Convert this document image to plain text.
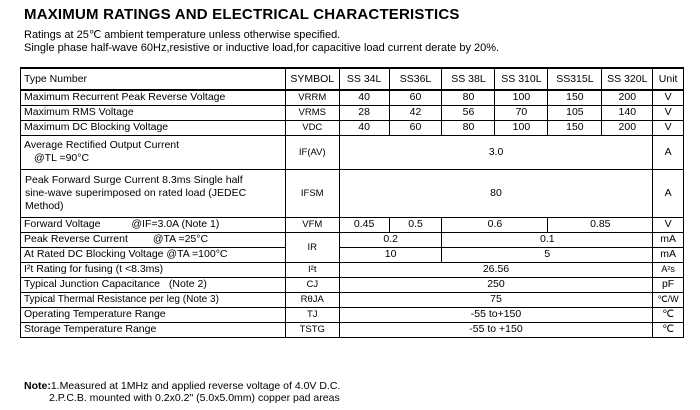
MAXIMUM RATINGS AND ELECTRICAL CHARACTERISTICS
Ratings at 25℃ ambient temperature unless otherwise specified.
Single phase half-wave 60Hz,resistive or inductive load,for capacitive load current derate by 20%.
Type Number	SYMBOL	SS 34L	SS36L	SS 38L	SS 310L	SS315L	SS 320L	Unit
Maximum Recurrent Peak Reverse Voltage	VRRM	40	60	80	100	150	200	V
Maximum RMS Voltage	VRMS	28	42	56	70	105	140	V
Maximum DC Blocking Voltage	VDC	40	60	80	100	150	200	V

Average Rectified Output Current
@TL =90°C	IF(AV)	3.0						A

Peak Forward Surge Current 8.3ms Single half
sine-wave superimposed on rated load (JEDEC
Method)	IFSM	80						A
Forward Voltage @IF=3.0A (Note 1)	VFM	0.45	0.5	0.6		0.85		V
Peak Reverse Current @TA =25°C	IR	0.2		0.1				mA
At Rated DC Blocking Voltage @TA =100°C		10		5				mA
I²t Rating for fusing (t <8.3ms)	I²t	26.56						A²s
Typical Junction Capacitance (Note 2)	CJ	250						pF
Typical Thermal Resistance per leg (Note 3)	RθJA	75						℃/W
Operating Temperature Range	TJ	-55 to+150						℃
Storage Temperature Range	TSTG	-55 to +150						℃
Note:1.Measured at 1MHz and applied reverse voltage of 4.0V D.C.
2.P.C.B. mounted with 0.2x0.2" (5.0x5.0mm) copper pad areas
